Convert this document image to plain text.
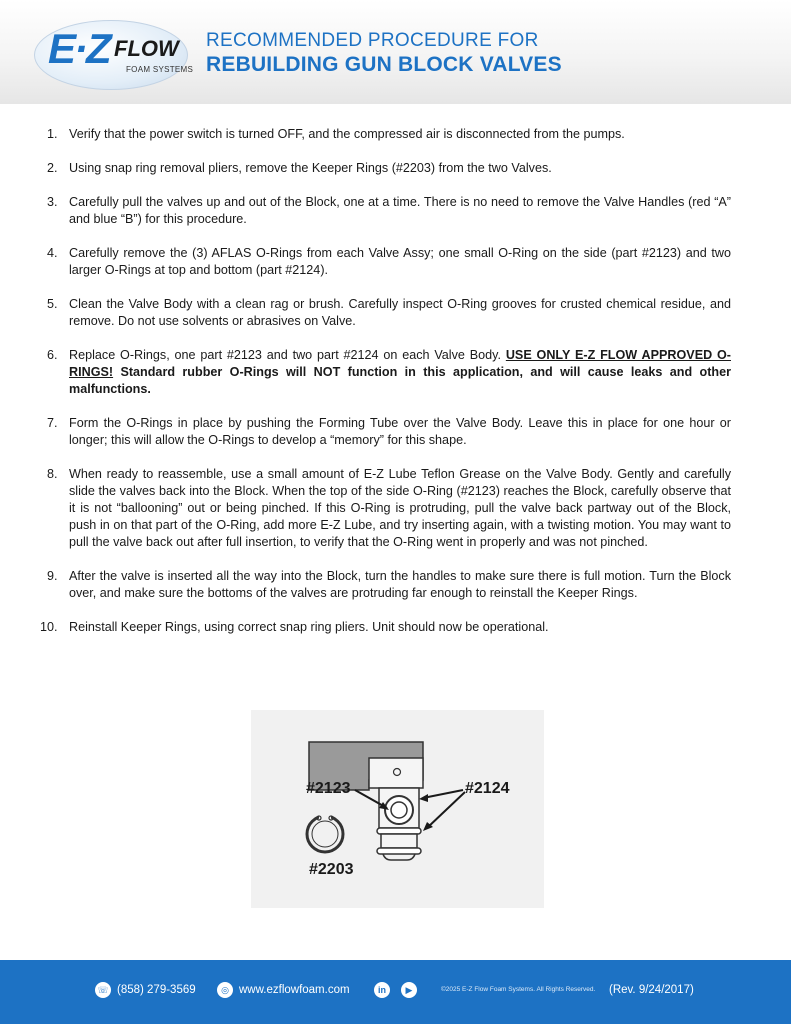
E·Z FLOW
FOAM SYSTEMS
RECOMMENDED PROCEDURE FOR
REBUILDING GUN BLOCK VALVES
1. Verify that the power switch is turned OFF, and the compressed air is disconnected from the pumps.
2. Using snap ring removal pliers, remove the Keeper Rings (#2203) from the two Valves.
3. Carefully pull the valves up and out of the Block, one at a time. There is no need to remove the Valve Handles (red “A” and blue “B”) for this procedure.
4. Carefully remove the (3) AFLAS O-Rings from each Valve Assy; one small O-Ring on the side (part #2123) and two larger O-Rings at top and bottom (part #2124).
5. Clean the Valve Body with a clean rag or brush. Carefully inspect O-Ring grooves for crusted chemical residue, and remove. Do not use solvents or abrasives on Valve.
6. Replace O-Rings, one part #2123 and two part #2124 on each Valve Body. USE ONLY E-Z FLOW APPROVED O-RINGS! Standard rubber O-Rings will NOT function in this application, and will cause leaks and other malfunctions.
7. Form the O-Rings in place by pushing the Forming Tube over the Valve Body. Leave this in place for one hour or longer; this will allow the O-Rings to develop a “memory” for this shape.
8. When ready to reassemble, use a small amount of E-Z Lube Teflon Grease on the Valve Body. Gently and carefully slide the valves back into the Block. When the top of the side O-Ring (#2123) reaches the Block, carefully observe that it is not “ballooning” out or being pinched. If this O-Ring is protruding, pull the valve back partway out of the Block, push in on that part of the O-Ring, add more E-Z Lube, and try inserting again, with a twisting motion. You may want to pull the valve back out after full insertion, to verify that the O-Ring went in properly and was not pinched.
9. After the valve is inserted all the way into the Block, turn the handles to make sure there is full motion. Turn the Block over, and make sure the bottoms of the valves are protruding far enough to reinstall the Keeper Rings.
10. Reinstall Keeper Rings, using correct snap ring pliers. Unit should now be operational.
#2123	#2124
#2203
☏ (858) 279-3569	◎ www.ezflowfoam.com	in	▶	©2025 E-Z Flow Foam Systems. All Rights Reserved. (Rev. 9/24/2017)
